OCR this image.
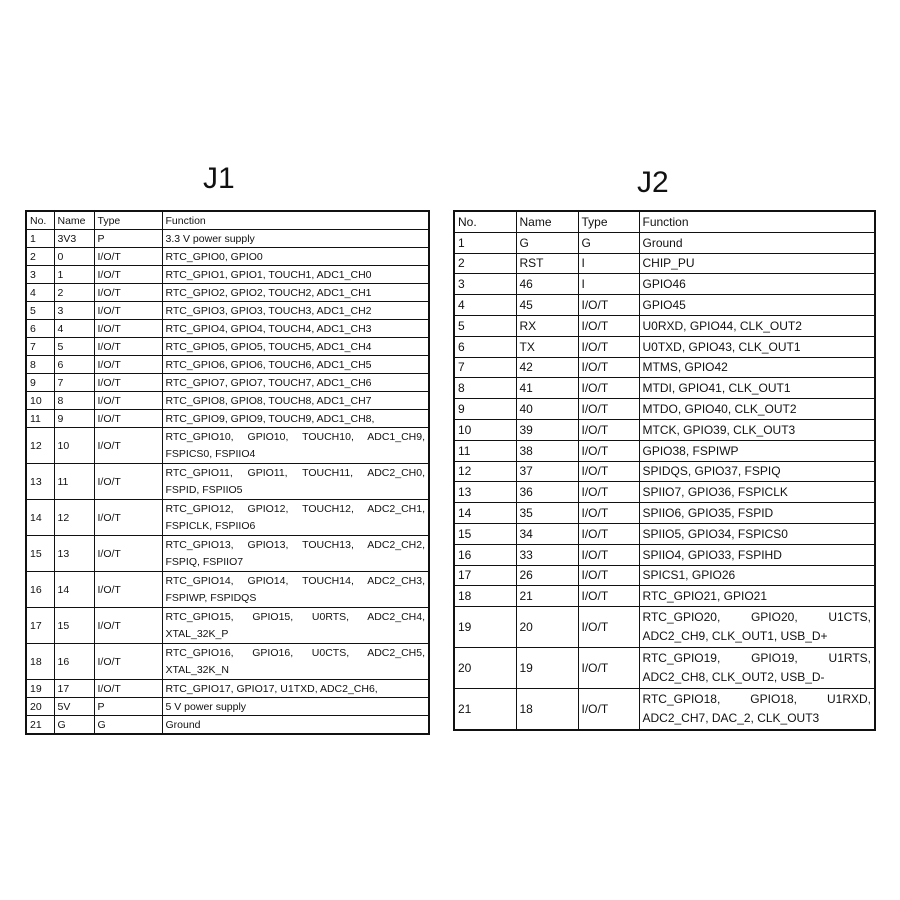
J1	J2
No.	Name	Type	Function
1	3V3	P	3.3 V power supply
2	0	I/O/T	RTC_GPIO0, GPIO0
3	1	I/O/T	RTC_GPIO1, GPIO1, TOUCH1, ADC1_CH0
4	2	I/O/T	RTC_GPIO2, GPIO2, TOUCH2, ADC1_CH1
5	3	I/O/T	RTC_GPIO3, GPIO3, TOUCH3, ADC1_CH2
6	4	I/O/T	RTC_GPIO4, GPIO4, TOUCH4, ADC1_CH3
7	5	I/O/T	RTC_GPIO5, GPIO5, TOUCH5, ADC1_CH4
8	6	I/O/T	RTC_GPIO6, GPIO6, TOUCH6, ADC1_CH5
9	7	I/O/T	RTC_GPIO7, GPIO7, TOUCH7, ADC1_CH6
10	8	I/O/T	RTC_GPIO8, GPIO8, TOUCH8, ADC1_CH7
11	9	I/O/T	RTC_GPIO9, GPIO9, TOUCH9, ADC1_CH8,
12	10	I/O/T	RTC_GPIO10, GPIO10, TOUCH10, ADC1_CH9, FSPICS0, FSPIIO4
13	11	I/O/T	RTC_GPIO11, GPIO11, TOUCH11, ADC2_CH0, FSPID, FSPIIO5
14	12	I/O/T	RTC_GPIO12, GPIO12, TOUCH12, ADC2_CH1, FSPICLK, FSPIIO6
15	13	I/O/T	RTC_GPIO13, GPIO13, TOUCH13, ADC2_CH2, FSPIQ, FSPIIO7
16	14	I/O/T	RTC_GPIO14, GPIO14, TOUCH14, ADC2_CH3, FSPIWP, FSPIDQS
17	15	I/O/T	RTC_GPIO15, GPIO15, U0RTS, ADC2_CH4, XTAL_32K_P
18	16	I/O/T	RTC_GPIO16, GPIO16, U0CTS, ADC2_CH5, XTAL_32K_N
19	17	I/O/T	RTC_GPIO17, GPIO17, U1TXD, ADC2_CH6,
20	5V	P	5 V power supply
21	G	G	Ground
No.	Name	Type	Function
1	G	G	Ground
2	RST	I	CHIP_PU
3	46	I	GPIO46
4	45	I/O/T	GPIO45
5	RX	I/O/T	U0RXD, GPIO44, CLK_OUT2
6	TX	I/O/T	U0TXD, GPIO43, CLK_OUT1
7	42	I/O/T	MTMS, GPIO42
8	41	I/O/T	MTDI, GPIO41, CLK_OUT1
9	40	I/O/T	MTDO, GPIO40, CLK_OUT2
10	39	I/O/T	MTCK, GPIO39, CLK_OUT3
11	38	I/O/T	GPIO38, FSPIWP
12	37	I/O/T	SPIDQS, GPIO37, FSPIQ
13	36	I/O/T	SPIIO7, GPIO36, FSPICLK
14	35	I/O/T	SPIIO6, GPIO35, FSPID
15	34	I/O/T	SPIIO5, GPIO34, FSPICS0
16	33	I/O/T	SPIIO4, GPIO33, FSPIHD
17	26	I/O/T	SPICS1, GPIO26
18	21	I/O/T	RTC_GPIO21, GPIO21
19	20	I/O/T	RTC_GPIO20, GPIO20, U1CTS, ADC2_CH9, CLK_OUT1, USB_D+
20	19	I/O/T	RTC_GPIO19, GPIO19, U1RTS, ADC2_CH8, CLK_OUT2, USB_D-
21	18	I/O/T	RTC_GPIO18, GPIO18, U1RXD, ADC2_CH7, DAC_2, CLK_OUT3
